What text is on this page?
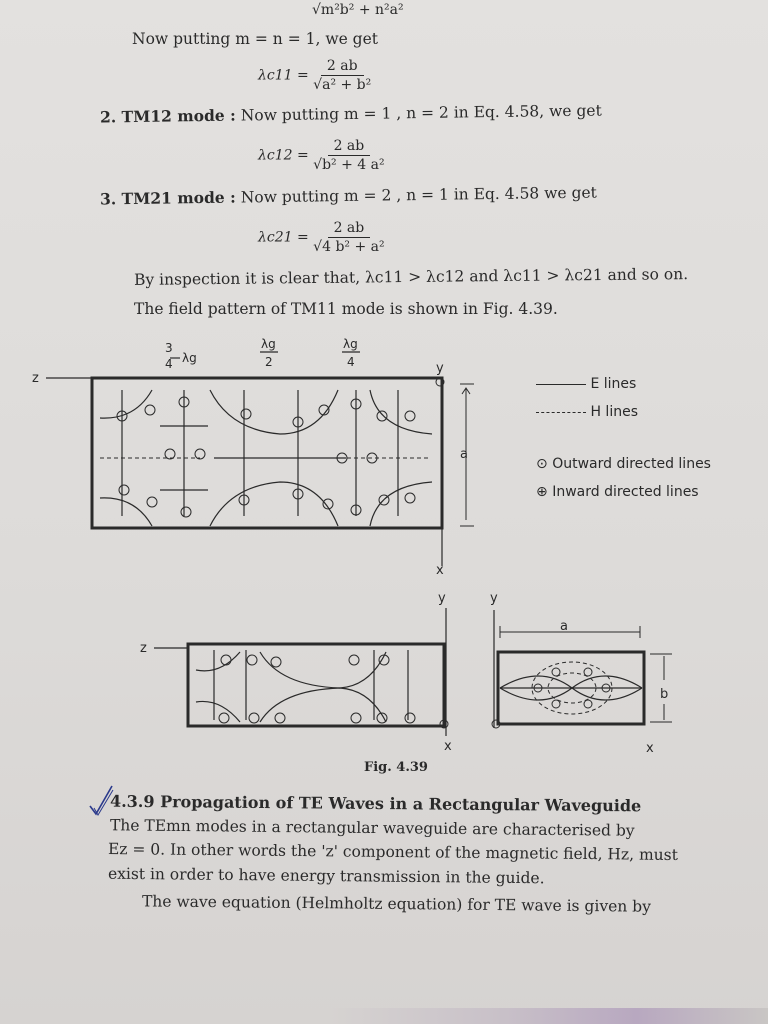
√m²b² + n²a²
Now putting m = n = 1, we get
$\lambda c11 = \frac{2 ab}{\text{√a² + b²}}$
2. TM12 mode : Now putting m = 1 , n = 2 in Eq. 4.58, we get
$\lambda c12 = \frac{2 ab}{\text{√b² + 4 a²}}$
3. TM21 mode : Now putting m = 2 , n = 1 in Eq. 4.58 we get
$\lambda c21 = \frac{2 ab}{\text{√4 b² + a²}}$
By inspection it is clear that, λc11 > λc12 and λc11 > λc21 and so on.
The field pattern of TM11 mode is shown in Fig. 4.39.
3
4 λg
λg
2
λg
4
z
y
x
a
z
y
x
y
a
b
x
E lines
H lines
⊙ Outward directed lines
⊕ Inward directed lines
Fig. 4.39
4.3.9 Propagation of TE Waves in a Rectangular Waveguide
The TEmn modes in a rectangular waveguide are characterised by
Ez = 0. In other words the 'z' component of the magnetic field, Hz, must
exist in order to have energy transmission in the guide.
The wave equation (Helmholtz equation) for TE wave is given by
